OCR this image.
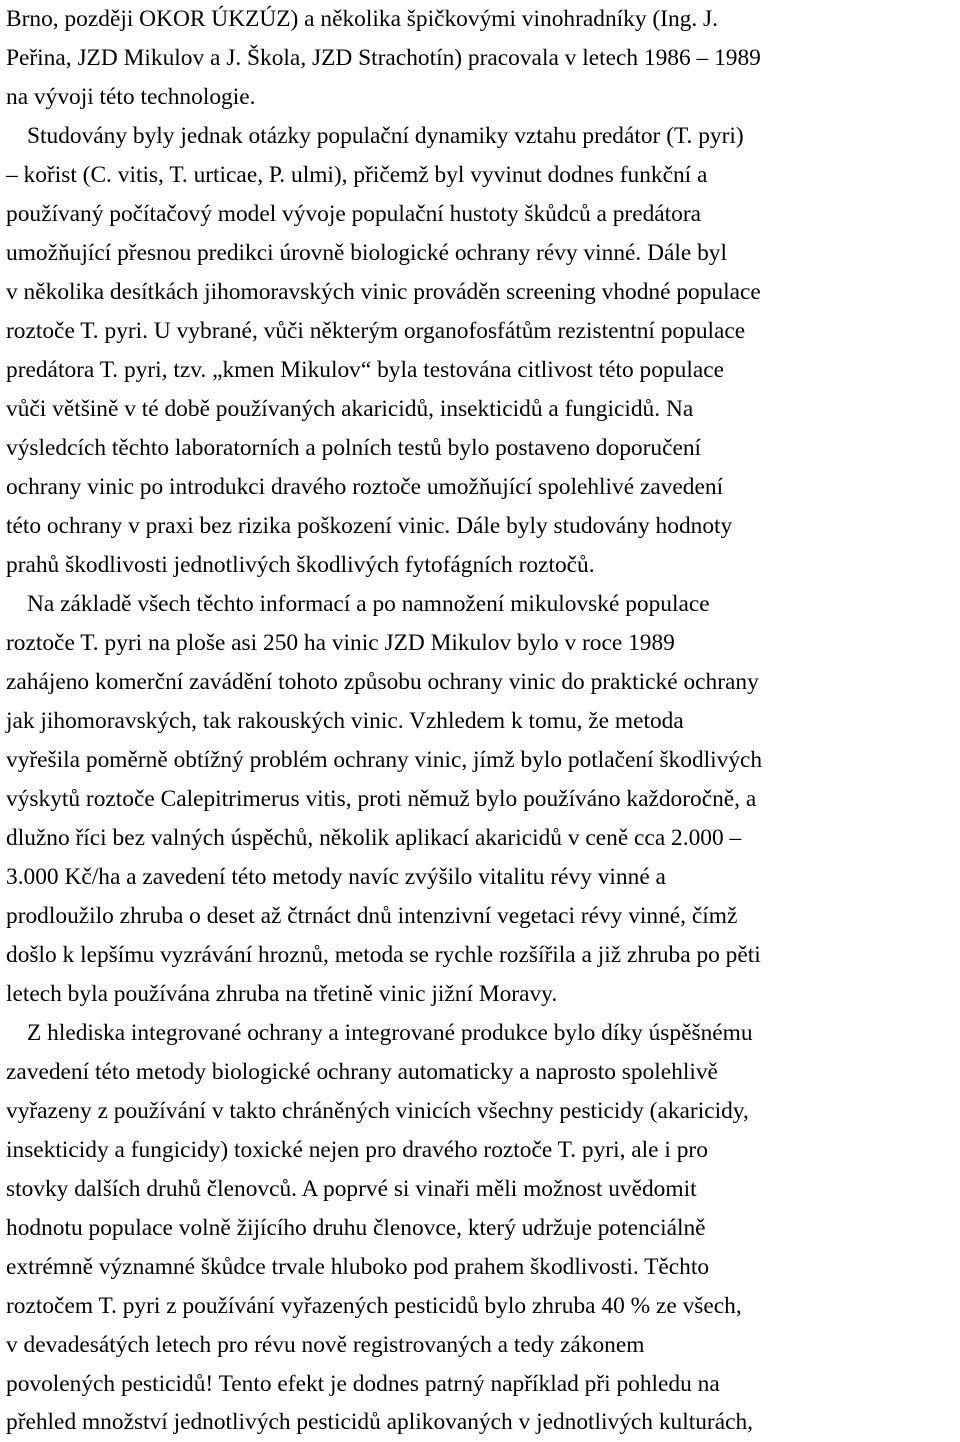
Brno, později OKOR ÚKZÚZ) a několika špičkovými vinohradníky (Ing. J.
Peřina, JZD Mikulov a J. Škola, JZD Strachotín) pracovala v letech 1986 – 1989
na vývoji této technologie.
Studovány byly jednak otázky populační dynamiky vztahu predátor (T. pyri)
– kořist (C. vitis, T. urticae, P. ulmi), přičemž byl vyvinut dodnes funkční a
používaný počítačový model vývoje populační hustoty škůdců a predátora
umožňující přesnou predikci úrovně biologické ochrany révy vinné. Dále byl
v několika desítkách jihomoravských vinic prováděn screening vhodné populace
roztoče T. pyri. U vybrané, vůči některým organofosfátům rezistentní populace
predátora T. pyri, tzv. „kmen Mikulov“ byla testována citlivost této populace
vůči většině v té době používaných akaricidů, insekticidů a fungicidů. Na
výsledcích těchto laboratorních a polních testů bylo postaveno doporučení
ochrany vinic po introdukci dravého roztoče umožňující spolehlivé zavedení
této ochrany v praxi bez rizika poškození vinic. Dále byly studovány hodnoty
prahů škodlivosti jednotlivých škodlivých fytofágních roztočů.
Na základě všech těchto informací a po namnožení mikulovské populace
roztoče T. pyri na ploše asi 250 ha vinic JZD Mikulov bylo v roce 1989
zahájeno komerční zavádění tohoto způsobu ochrany vinic do praktické ochrany
jak jihomoravských, tak rakouských vinic. Vzhledem k tomu, že metoda
vyřešila poměrně obtížný problém ochrany vinic, jímž bylo potlačení škodlivých
výskytů roztoče Calepitrimerus vitis, proti němuž bylo používáno každoročně, a
dlužno říci bez valných úspěchů, několik aplikací akaricidů v ceně cca 2.000 –
3.000 Kč/ha a zavedení této metody navíc zvýšilo vitalitu révy vinné a
prodloužilo zhruba o deset až čtrnáct dnů intenzivní vegetaci révy vinné, čímž
došlo k lepšímu vyzrávání hroznů, metoda se rychle rozšířila a již zhruba po pěti
letech byla používána zhruba na třetině vinic jižní Moravy.
Z hlediska integrované ochrany a integrované produkce bylo díky úspěšnému
zavedení této metody biologické ochrany automaticky a naprosto spolehlivě
vyřazeny z používání v takto chráněných vinicích všechny pesticidy (akaricidy,
insekticidy a fungicidy) toxické nejen pro dravého roztoče T. pyri, ale i pro
stovky dalších druhů členovců. A poprvé si vinaři měli možnost uvědomit
hodnotu populace volně žijícího druhu členovce, který udržuje potenciálně
extrémně významné škůdce trvale hluboko pod prahem škodlivosti. Těchto
roztočem T. pyri z používání vyřazených pesticidů bylo zhruba 40 % ze všech,
v devadesátých letech pro révu nově registrovaných a tedy zákonem
povolených pesticidů! Tento efekt je dodnes patrný například při pohledu na
přehled množství jednotlivých pesticidů aplikovaných v jednotlivých kulturách,
